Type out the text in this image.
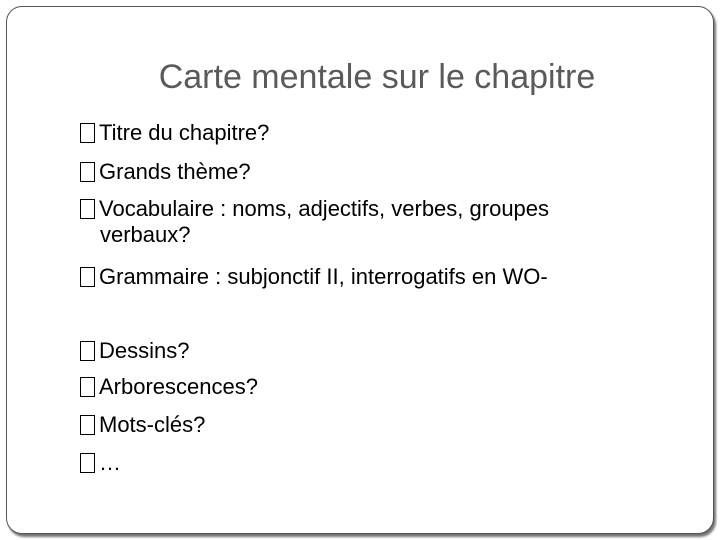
Carte mentale sur le chapitre
Titre du chapitre?
Grands thème?
Vocabulaire : noms, adjectifs, verbes, groupes
verbaux?
Grammaire : subjonctif II, interrogatifs en WO-
Dessins?
Arborescences?
Mots-clés?
…
